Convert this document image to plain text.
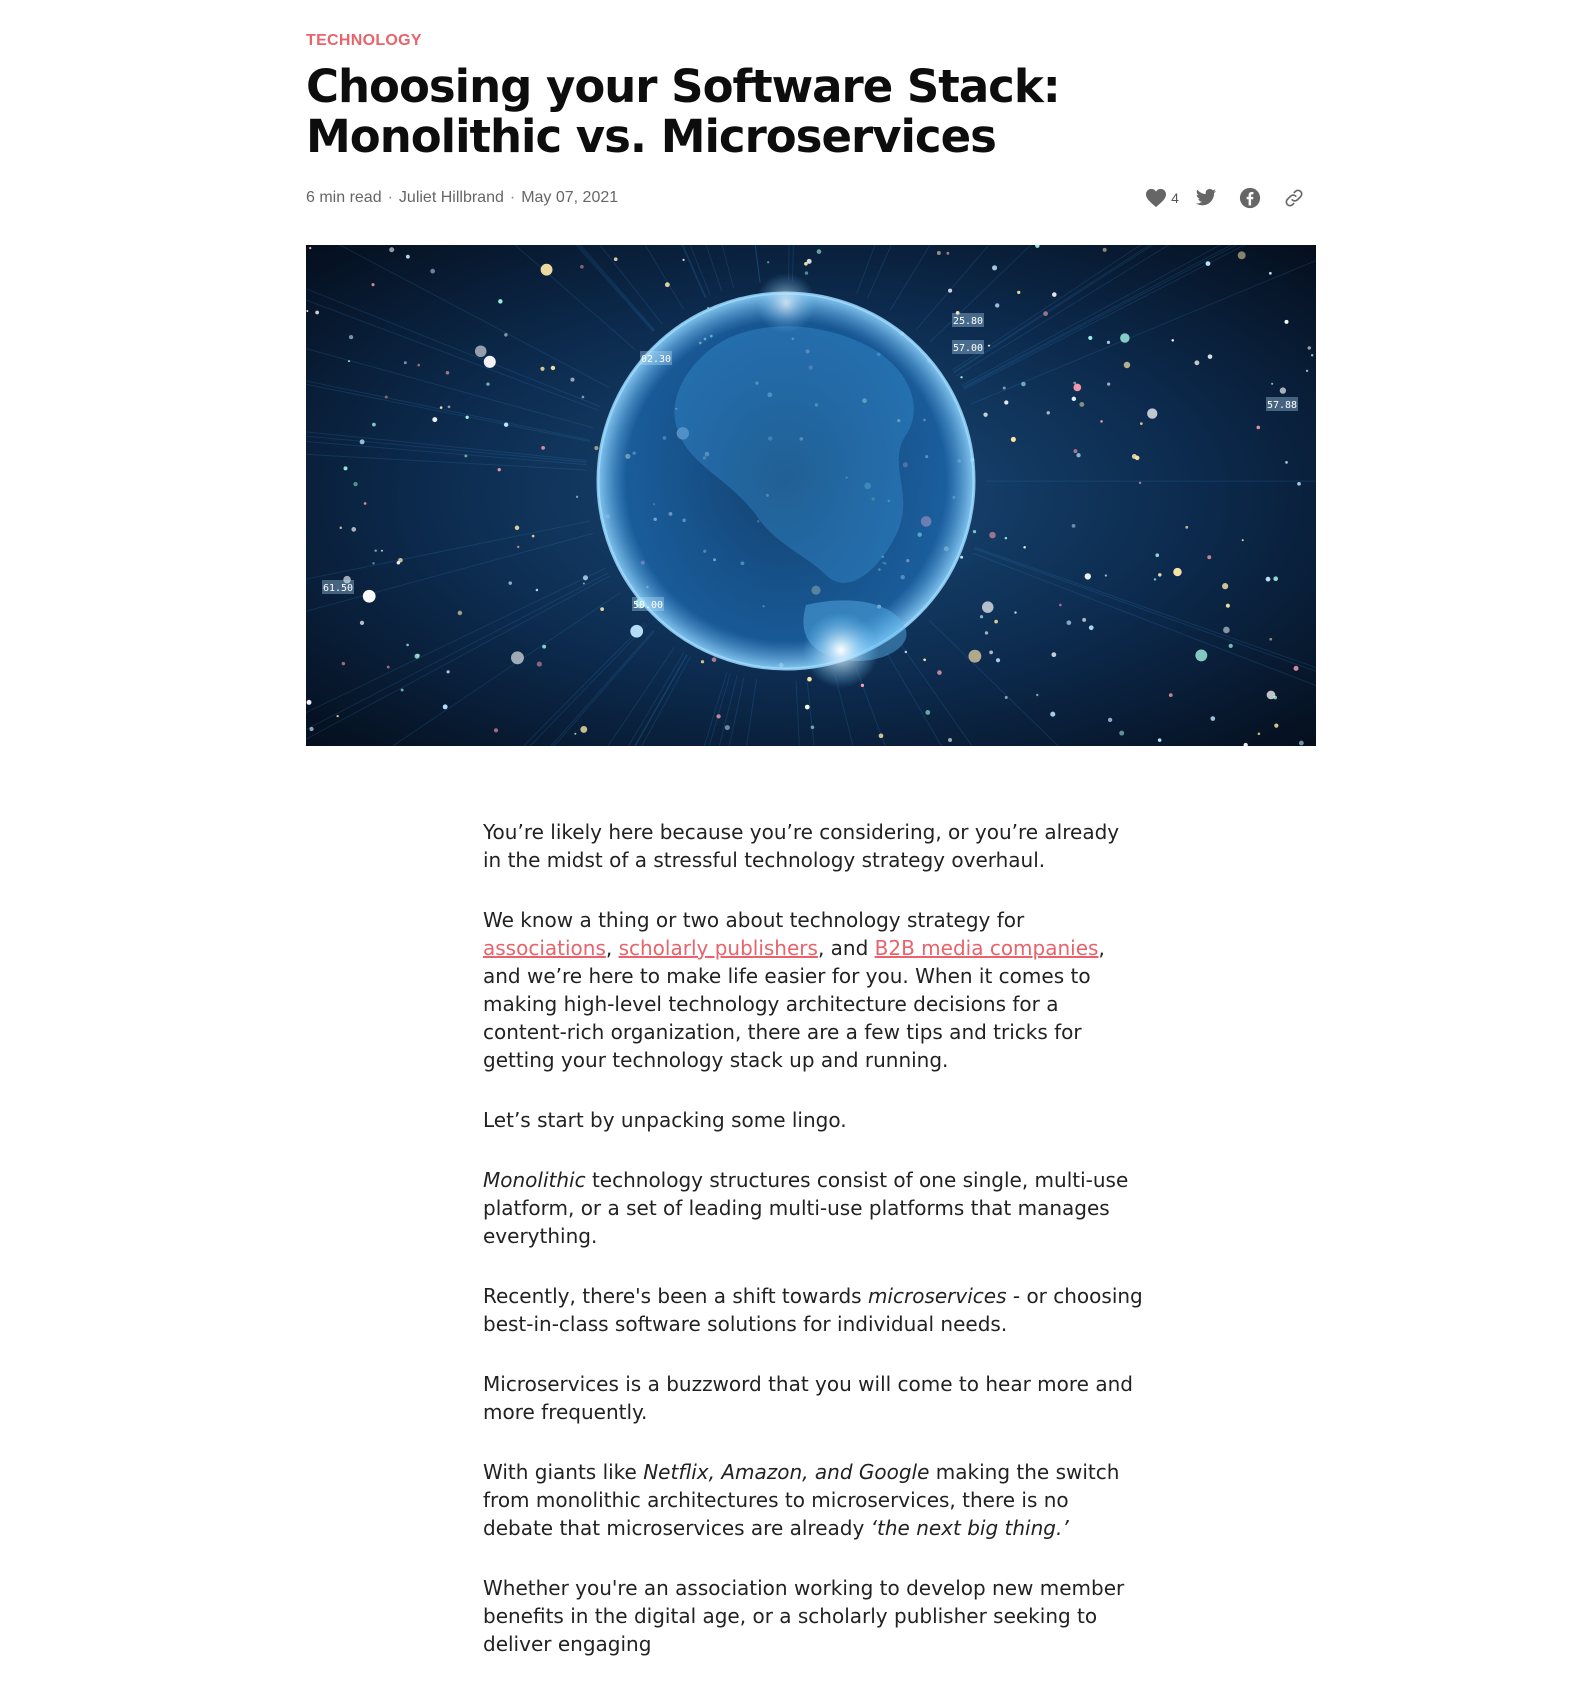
TECHNOLOGY
Choosing your Software Stack:
Monolithic vs. Microservices
6 min read · Juliet Hillbrand · May 07, 2021	4
25.80
57.00
02.30
57.88
61.50
50.00

You’re likely here because you’re considering, or you’re already in the midst of a stressful technology strategy overhaul.

We know a thing or two about technology strategy for associations, scholarly publishers, and B2B media companies, and we’re here to make life easier for you. When it comes to making high-level technology architecture decisions for a content-rich organization, there are a few tips and tricks for getting your technology stack up and running.

Let’s start by unpacking some lingo.

Monolithic technology structures consist of one single, multi-use platform, or a set of leading multi-use platforms that manages everything.

Recently, there's been a shift towards microservices - or choosing best-in-class software solutions for individual needs.

Microservices is a buzzword that you will come to hear more and more frequently.

With giants like Netflix, Amazon, and Google making the switch from monolithic architectures to microservices, there is no debate that microservices are already ‘the next big thing.’

Whether you're an association working to develop new member benefits in the digital age, or a scholarly publisher seeking to deliver engaging
